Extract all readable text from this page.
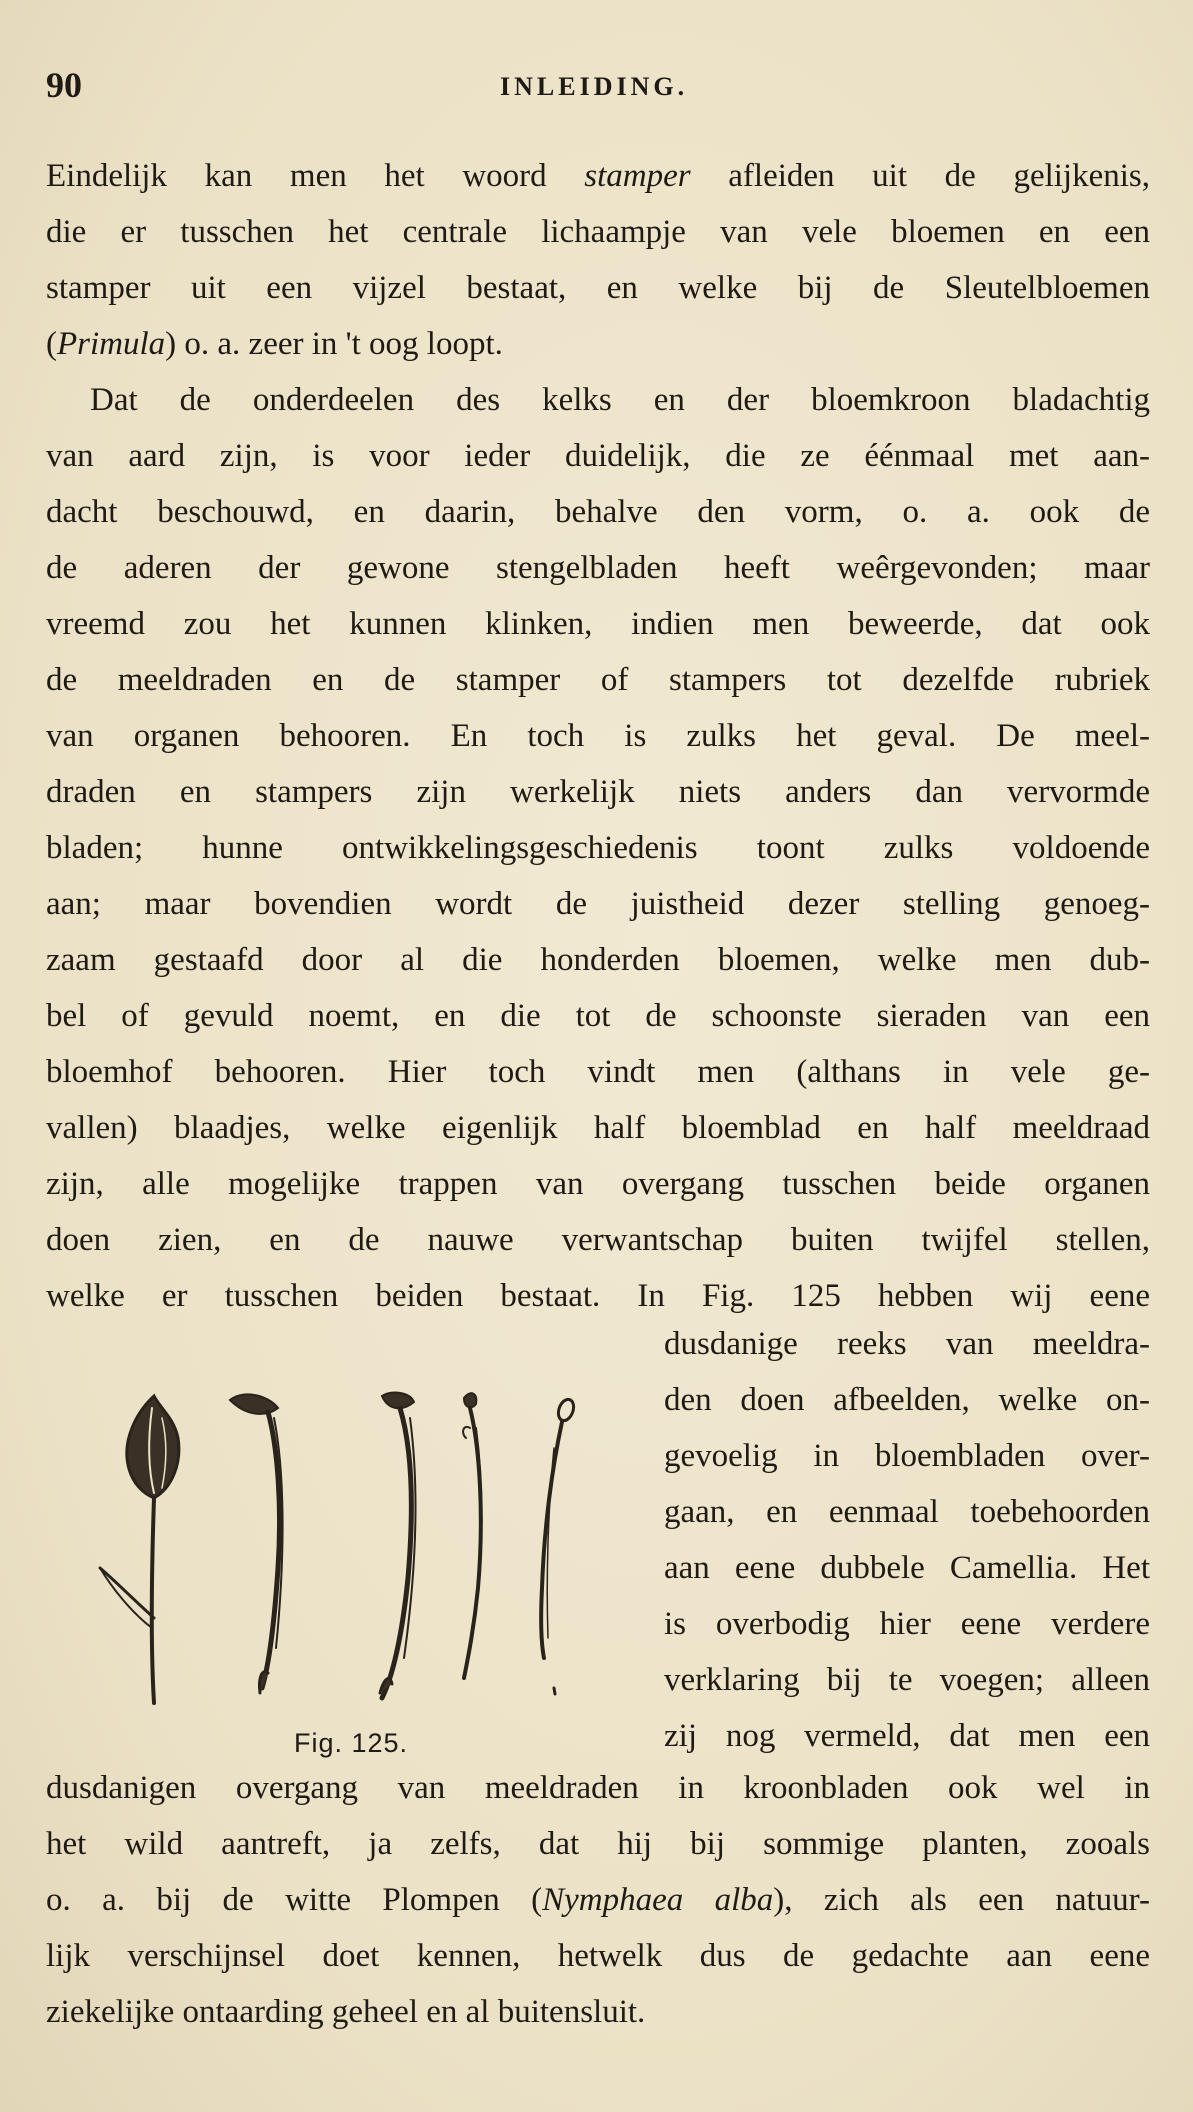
90	INLEIDING.
Eindelijk kan men het woord stamper afleiden uit de gelijkenis,
die er tusschen het centrale lichaampje van vele bloemen en een
stamper uit een vijzel bestaat, en welke bij de Sleutelbloemen
(Primula) o. a. zeer in 't oog loopt.
Dat de onderdeelen des kelks en der bloemkroon bladachtig
van aard zijn, is voor ieder duidelijk, die ze éénmaal met aan-
dacht beschouwd, en daarin, behalve den vorm, o. a. ook de
de aderen der gewone stengelbladen heeft weêrgevonden; maar
vreemd zou het kunnen klinken, indien men beweerde, dat ook
de meeldraden en de stamper of stampers tot dezelfde rubriek
van organen behooren. En toch is zulks het geval. De meel-
draden en stampers zijn werkelijk niets anders dan vervormde
bladen; hunne ontwikkelingsgeschiedenis toont zulks voldoende
aan; maar bovendien wordt de juistheid dezer stelling genoeg-
zaam gestaafd door al die honderden bloemen, welke men dub-
bel of gevuld noemt, en die tot de schoonste sieraden van een
bloemhof behooren. Hier toch vindt men (althans in vele ge-
vallen) blaadjes, welke eigenlijk half bloemblad en half meeldraad
zijn, alle mogelijke trappen van overgang tusschen beide organen
doen zien, en de nauwe verwantschap buiten twijfel stellen,
welke er tusschen beiden bestaat. In Fig. 125 hebben wij eene
Fig. 125.
dusdanige reeks van meeldra-
den doen afbeelden, welke on-
gevoelig in bloembladen over-
gaan, en eenmaal toebehoorden
aan eene dubbele Camellia. Het
is overbodig hier eene verdere
verklaring bij te voegen; alleen
zij nog vermeld, dat men een
dusdanigen overgang van meeldraden in kroonbladen ook wel in
het wild aantreft, ja zelfs, dat hij bij sommige planten, zooals
o. a. bij de witte Plompen (Nymphaea alba), zich als een natuur-
lijk verschijnsel doet kennen, hetwelk dus de gedachte aan eene
ziekelijke ontaarding geheel en al buitensluit.
